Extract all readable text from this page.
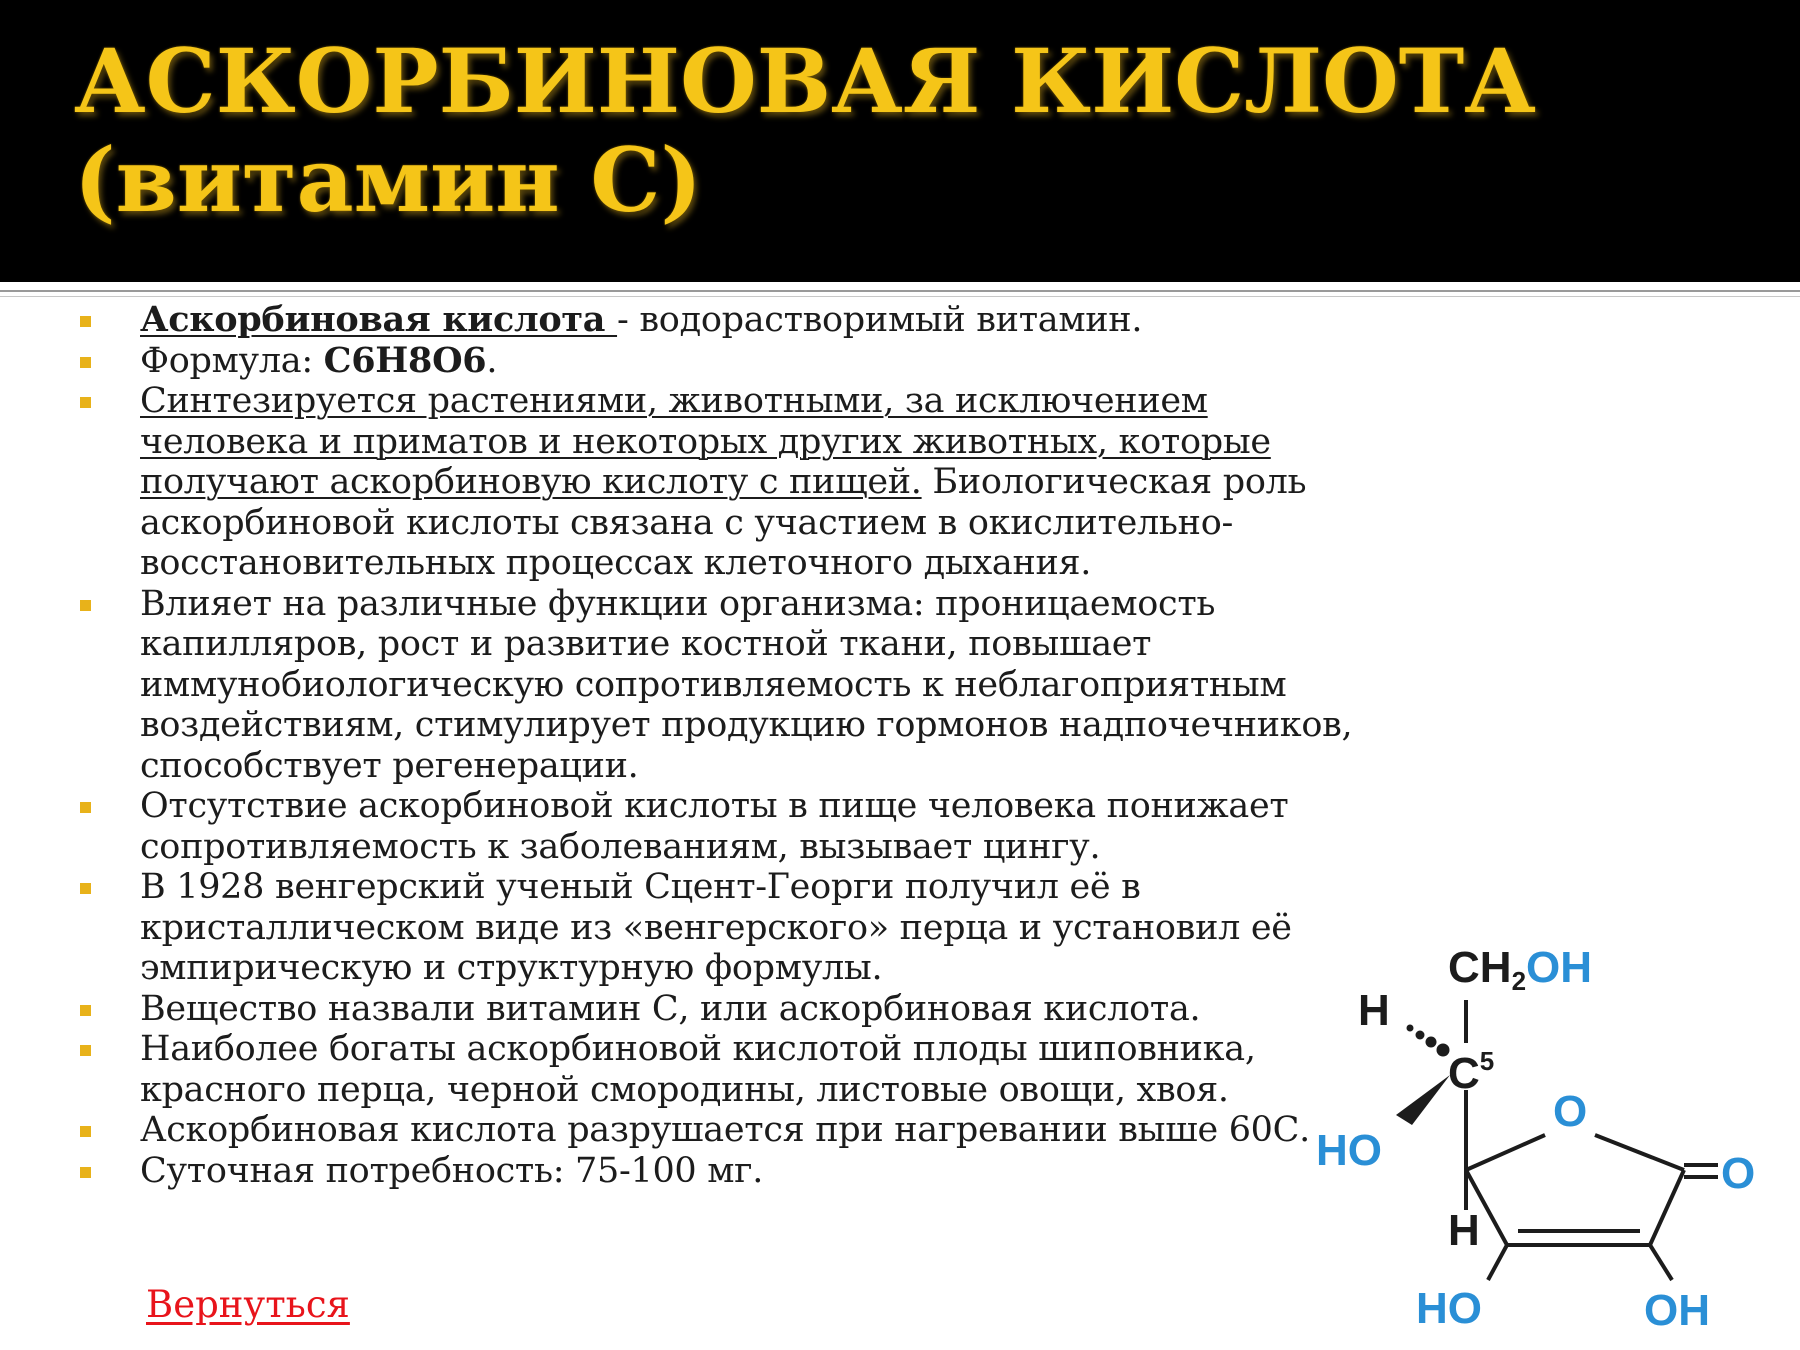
АСКОРБИНОВАЯ КИСЛОТА
(витамин С)
Аскорбиновая кислота - водорастворимый витамин.
Формула: C6H8O6.
Синтезируется растениями, животными, за исключением человека и приматов и некоторых других животных, которые получают аскорбиновую кислоту с пищей. Биологическая роль аскорбиновой кислоты связана с участием в окислительно-восстановительных процессах клеточного дыхания.
Влияет на различные функции организма: проницаемость капилляров, рост и развитие костной ткани, повышает иммунобиологическую сопротивляемость к неблагоприятным воздействиям, стимулирует продукцию гормонов надпочечников, способствует регенерации.
Отсутствие аскорбиновой кислоты в пище человека понижает сопротивляемость к заболеваниям, вызывает цингу.
В 1928 венгерский ученый Сцент-Георги получил её в кристаллическом виде из «венгерского» перца и установил её эмпирическую и структурную формулы.
Вещество назвали витамин С, или аскорбиновая кислота.
Наиболее богаты аскорбиновой кислотой плоды шиповника, красного перца, черной смородины, листовые овощи, хвоя.
Аскорбиновая кислота разрушается при нагревании выше 60С.
Суточная потребность: 75-100 мг.
Вернуться
CH2OH
H
$C^5$
HO
O
O
H
HO	OH
